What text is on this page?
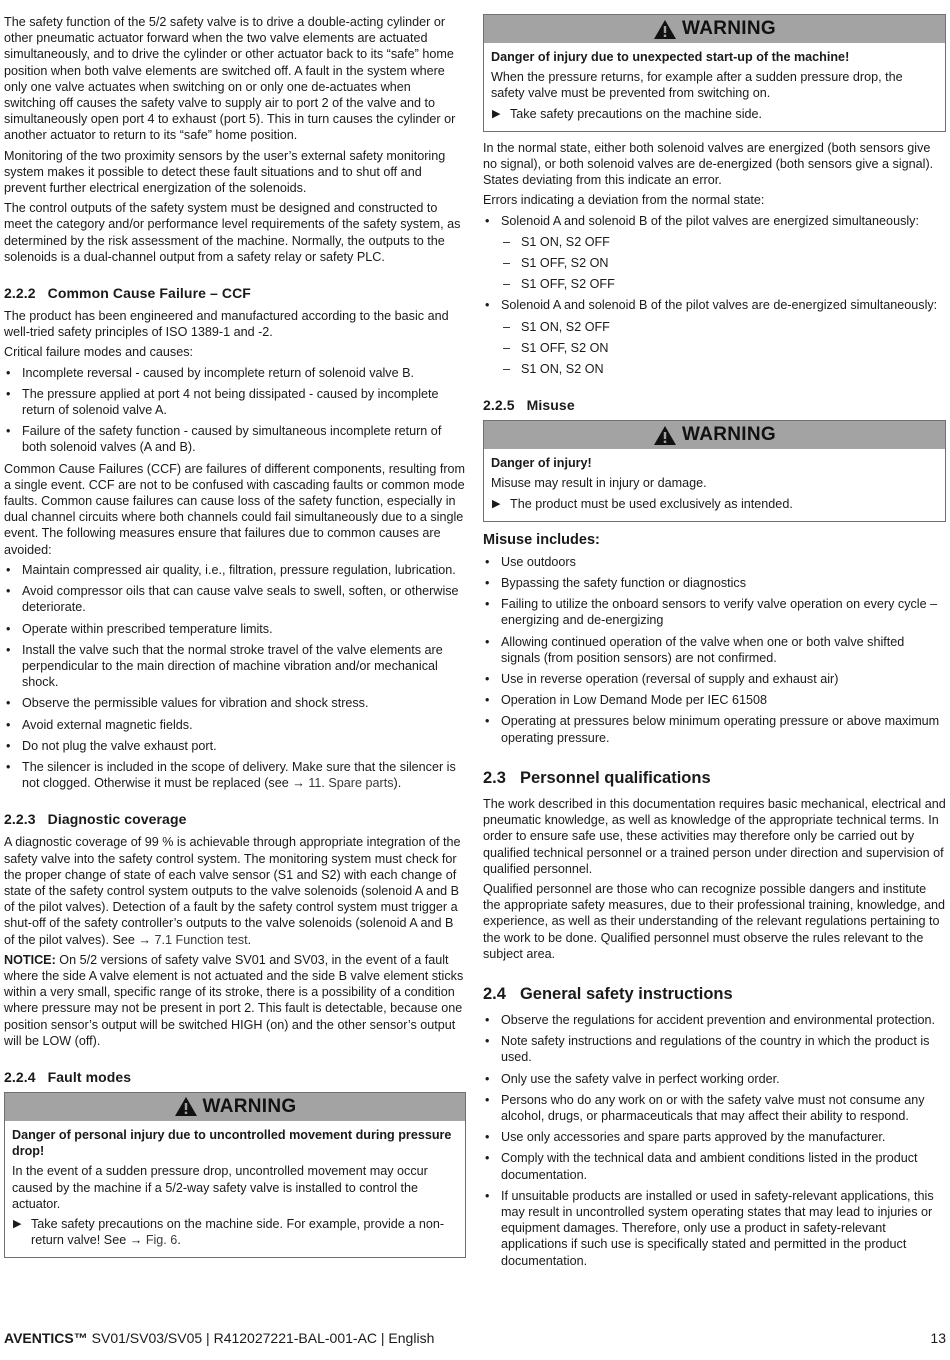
The safety function of the 5/2 safety valve is to drive a double-acting cylinder or other pneumatic actuator forward when the two valve elements are actuated simultaneously, and to drive the cylinder or other actuator back to its “safe” home position when both valve elements are switched off. A fault in the system where only one valve actuates when switching on or only one de-actuates when switching off causes the safety valve to supply air to port 2 of the valve and to simultaneously open port 4 to exhaust (port 5). This in turn causes the cylinder or another actuator to return to its “safe” home position.

Monitoring of the two proximity sensors by the user’s external safety monitoring system makes it possible to detect these fault situations and to shut off and prevent further electrical energization of the solenoids.

The control outputs of the safety system must be designed and constructed to meet the category and/or performance level requirements of the safety system, as determined by the risk assessment of the machine. Normally, the outputs to the solenoids is a dual-channel output from a safety relay or safety PLC.

2.2.2 Common Cause Failure – CCF

The product has been engineered and manufactured according to the basic and well-tried safety principles of ISO 1389-1 and -2.

Critical failure modes and causes:

• Incomplete reversal - caused by incomplete return of solenoid valve B.
• The pressure applied at port 4 not being dissipated - caused by incomplete return of solenoid valve A.
• Failure of the safety function - caused by simultaneous incomplete return of both solenoid valves (A and B).

Common Cause Failures (CCF) are failures of different components, resulting from a single event. CCF are not to be confused with cascading faults or common mode faults. Common cause failures can cause loss of the safety function, especially in dual channel circuits where both channels could fail simultaneously due to a single event. The following measures ensure that failures due to common causes are avoided:

• Maintain compressed air quality, i.e., filtration, pressure regulation, lubrication.
• Avoid compressor oils that can cause valve seals to swell, soften, or otherwise deteriorate.
• Operate within prescribed temperature limits.
• Install the valve such that the normal stroke travel of the valve elements are perpendicular to the main direction of machine vibration and/or mechanical shock.
• Observe the permissible values for vibration and shock stress.
• Avoid external magnetic fields.
• Do not plug the valve exhaust port.
• The silencer is included in the scope of delivery. Make sure that the silencer is not clogged. Otherwise it must be replaced (see → 11. Spare parts).
2.2.3 Diagnostic coverage

A diagnostic coverage of 99 % is achievable through appropriate integration of the safety valve into the safety control system. The monitoring system must check for the proper change of state of each valve sensor (S1 and S2) with each change of state of the safety control system outputs to the valve solenoids (solenoid A and B of the pilot valves). Detection of a fault by the safety control system must trigger a shut-off of the safety controller’s outputs to the valve solenoids (solenoid A and B of the pilot valves). See → 7.1 Function test.

NOTICE: On 5/2 versions of safety valve SV01 and SV03, in the event of a fault where the side A valve element is not actuated and the side B valve element sticks within a very small, specific range of its stroke, there is a possibility of a condition where pressure may not be present in port 2. This fault is detectable, because one position sensor’s output will be switched HIGH (on) and the other sensor’s output will be LOW (off).

2.2.4 Fault modes
WARNING

Danger of personal injury due to uncontrolled movement during pressure drop!

In the event of a sudden pressure drop, uncontrolled movement may occur caused by the machine if a 5/2-way safety valve is installed to control the actuator.

▶ Take safety precautions on the machine side. For example, provide a non-return valve! See → Fig. 6.

WARNING

Danger of injury due to unexpected start-up of the machine!

When the pressure returns, for example after a sudden pressure drop, the safety valve must be prevented from switching on.

▶ Take safety precautions on the machine side.

In the normal state, either both solenoid valves are energized (both sensors give no signal), or both solenoid valves are de-energized (both sensors give a signal). States deviating from this indicate an error.

Errors indicating a deviation from the normal state:

• Solenoid A and solenoid B of the pilot valves are energized simultaneously:
– S1 ON, S2 OFF
– S1 OFF, S2 ON
– S1 OFF, S2 OFF
• Solenoid A and solenoid B of the pilot valves are de-energized simultaneously:
– S1 ON, S2 OFF
– S1 OFF, S2 ON
– S1 ON, S2 ON
2.2.5 Misuse
WARNING

Danger of injury!

Misuse may result in injury or damage.

▶ The product must be used exclusively as intended.

Misuse includes:
• Use outdoors
• Bypassing the safety function or diagnostics
• Failing to utilize the onboard sensors to verify valve operation on every cycle – energizing and de-energizing
• Allowing continued operation of the valve when one or both valve shifted signals (from position sensors) are not confirmed.
• Use in reverse operation (reversal of supply and exhaust air)
• Operation in Low Demand Mode per IEC 61508
• Operating at pressures below minimum operating pressure or above maximum operating pressure.
2.3 Personnel qualifications

The work described in this documentation requires basic mechanical, electrical and pneumatic knowledge, as well as knowledge of the appropriate technical terms. In order to ensure safe use, these activities may therefore only be carried out by qualified technical personnel or a trained person under direction and supervision of qualified personnel.

Qualified personnel are those who can recognize possible dangers and institute the appropriate safety measures, due to their professional training, knowledge, and experience, as well as their understanding of the relevant regulations pertaining to the work to be done. Qualified personnel must observe the rules relevant to the subject area.

2.4 General safety instructions
• Observe the regulations for accident prevention and environmental protection.
• Note safety instructions and regulations of the country in which the product is used.
• Only use the safety valve in perfect working order.
• Persons who do any work on or with the safety valve must not consume any alcohol, drugs, or pharmaceuticals that may affect their ability to respond.
• Use only accessories and spare parts approved by the manufacturer.
• Comply with the technical data and ambient conditions listed in the product documentation.
• If unsuitable products are installed or used in safety-relevant applications, this may result in uncontrolled system operating states that may lead to injuries or equipment damages. Therefore, only use a product in safety-relevant applications if such use is specifically stated and permitted in the product documentation.
AVENTICS™ SV01/SV03/SV05 | R412027221-BAL-001-AC | English	13
